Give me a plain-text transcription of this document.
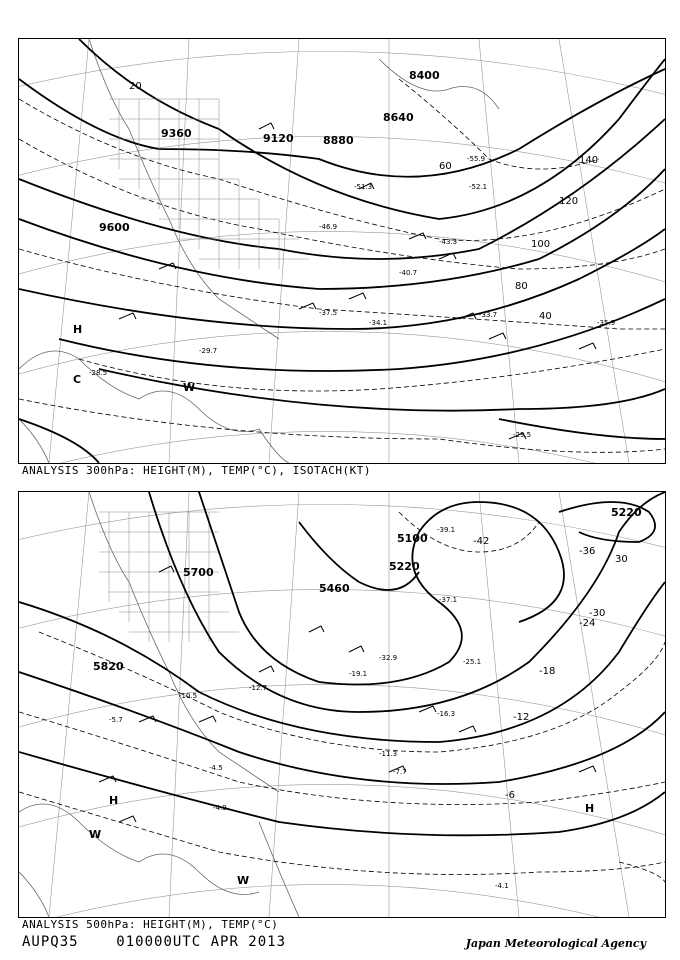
9600
9360	9120	8880
8640
8400
20
40
60
80
100
120
140
H
C
W
-51.3
-55.9
-52.1
-46.9
-43.3
-40.7
-37.5
-34.1
-33.7
-35.9
-29.5
-29.7
-28.5
ANALYSIS 300hPa: HEIGHT(M), TEMP(°C), ISOTACH(KT)
5820
5700
5460
5220
5100
5220
-42
-36
-30
-24
-18
-12
-6
30
H
H
W
W
-39.1
-37.1
-32.9	-25.1
-19.1
-16.3
-12.7
-10.5
-7.7
-11.3
-4.5
-4.1
-5.7
-4.9
ANALYSIS 500hPa: HEIGHT(M), TEMP(°C)
AUPQ35	010000UTC APR 2013	Japan Meteorological Agency
